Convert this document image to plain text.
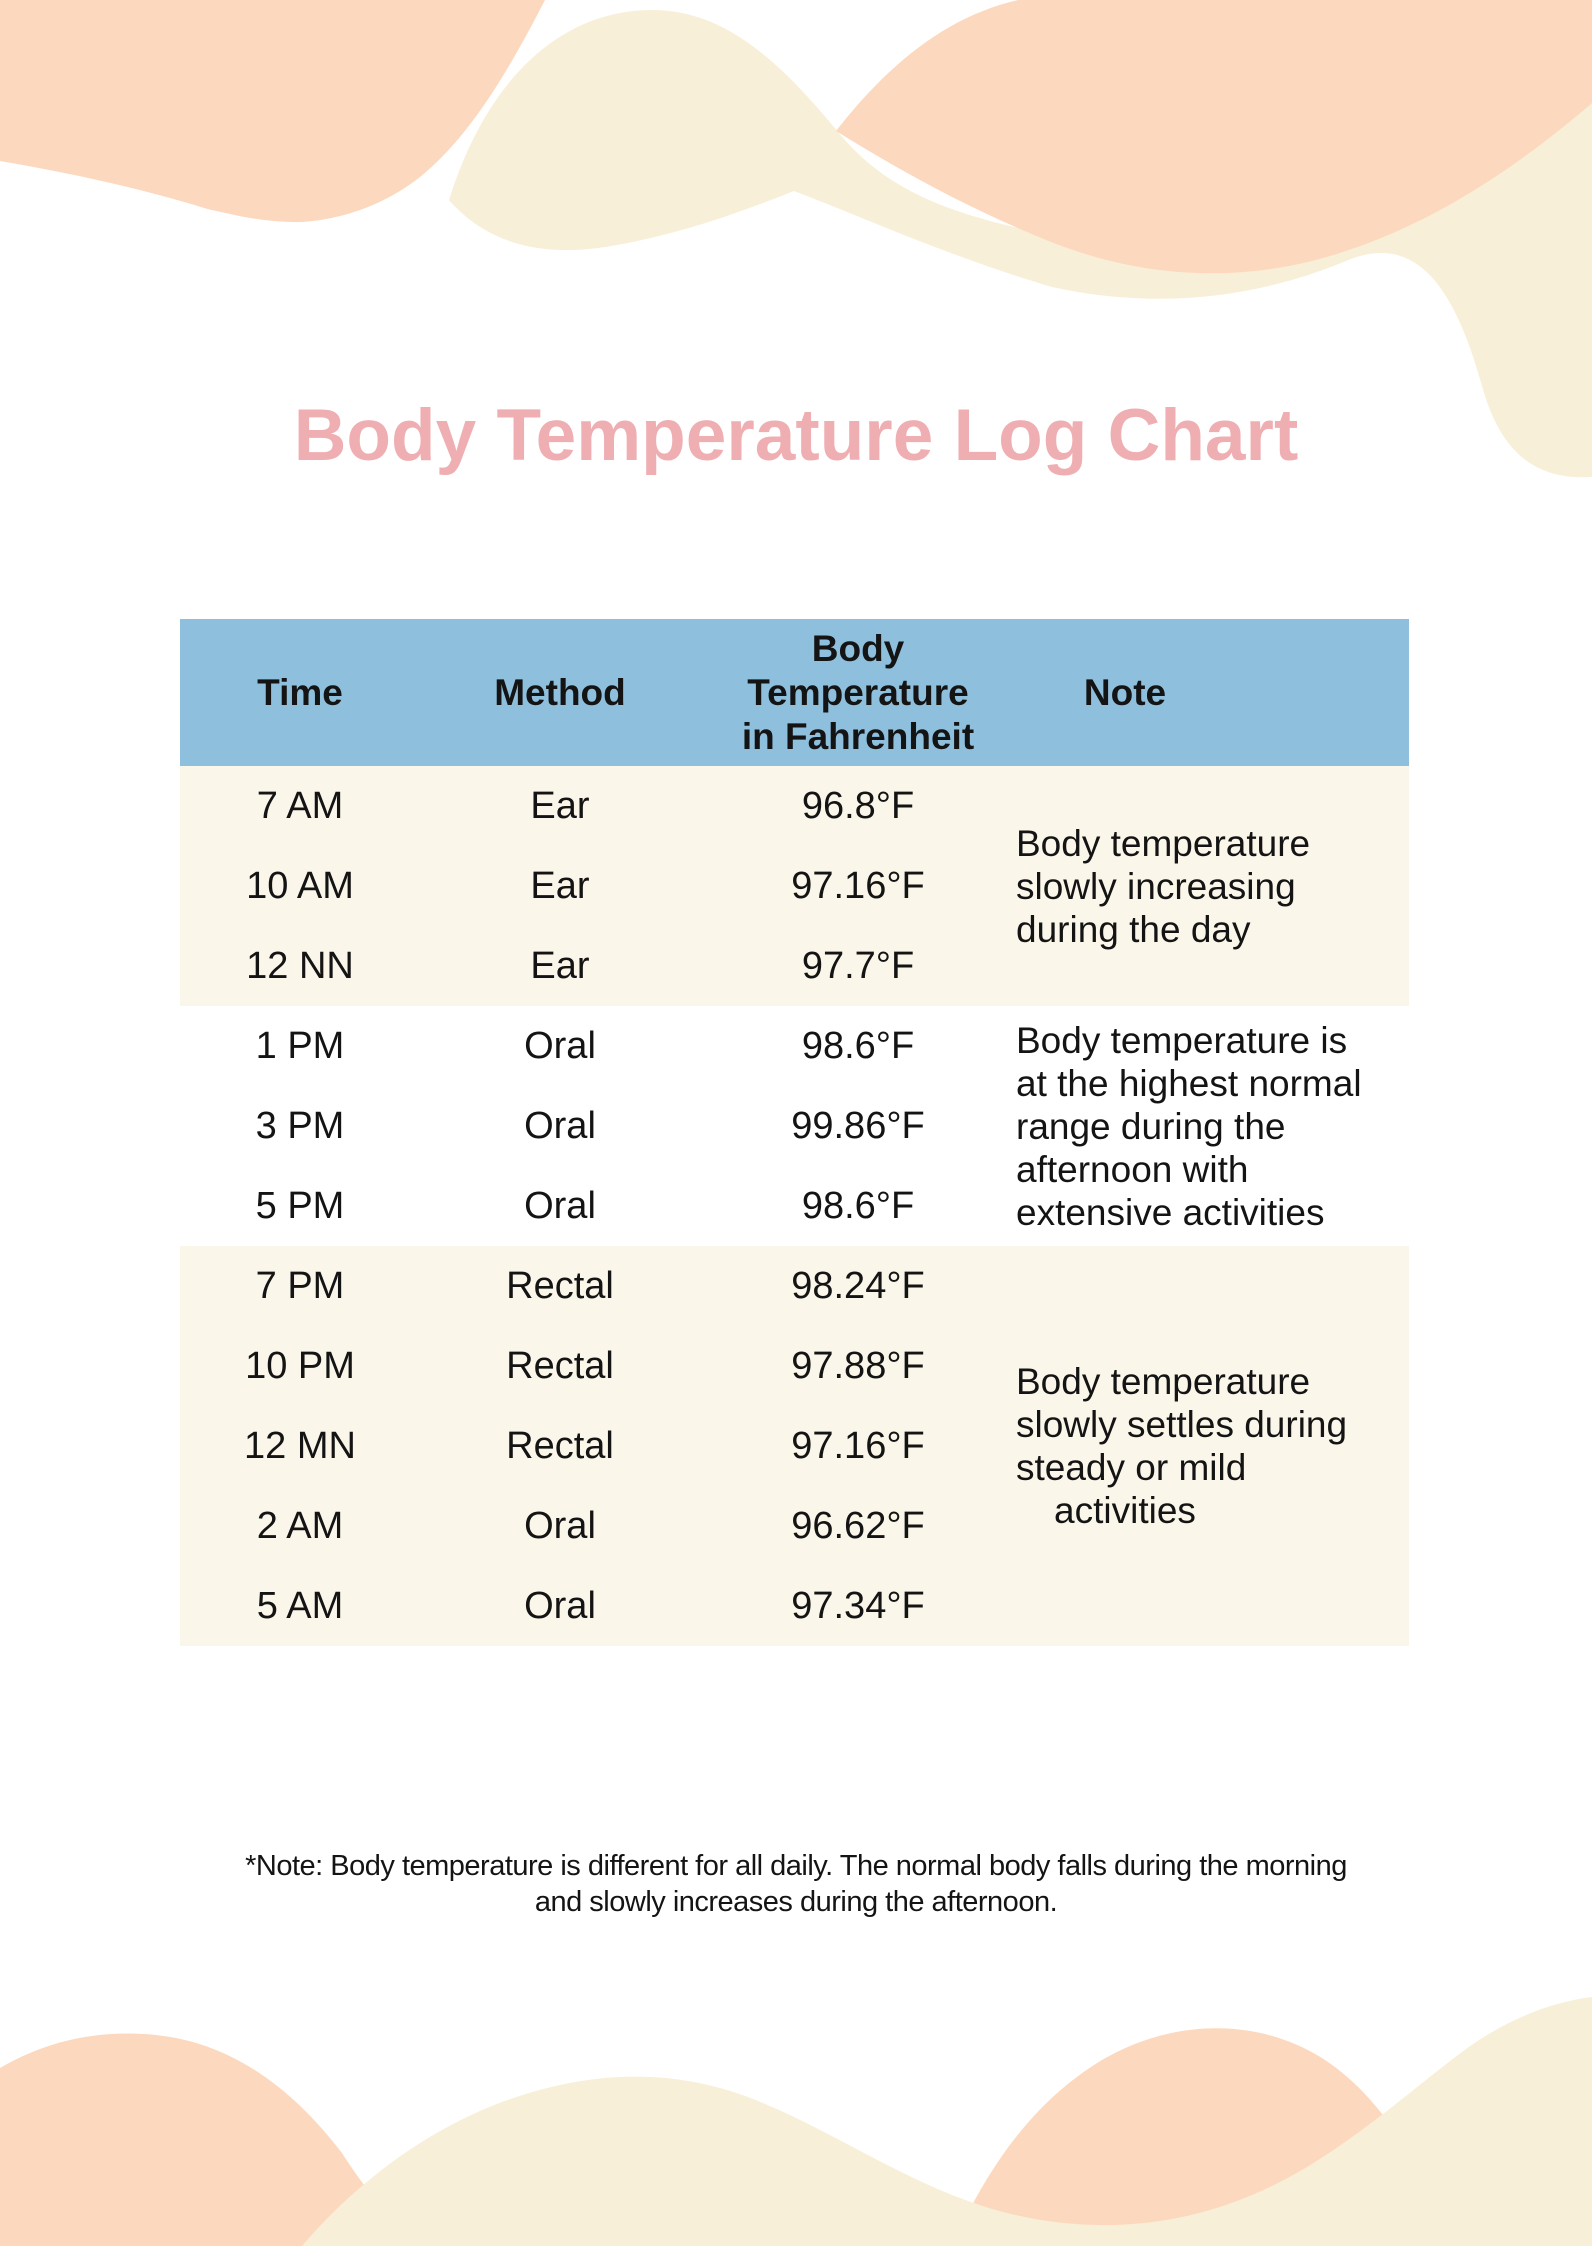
Body Temperature Log Chart
Time	Method	Body
Temperature
in Fahrenheit	Note

7 AM	Ear	96.8°F	Body temperature
slowly increasing
during the day

10 AM	Ear	97.16°F	
12 NN	Ear	97.7°F	
1 PM	Oral	98.6°F	Body temperature is
at the highest normal
range during the
afternoon with
extensive activities

3 PM	Oral	99.86°F	
5 PM	Oral	98.6°F	
7 PM	Rectal	98.24°F	Body temperature
slowly settles during
steady or mild
activities

10 PM	Rectal	97.88°F	
12 MN	Rectal	97.16°F	
2 AM	Oral	96.62°F	
5 AM	Oral	97.34°F	
*Note: Body temperature is different for all daily. The normal body falls during the morning
and slowly increases during the afternoon.
